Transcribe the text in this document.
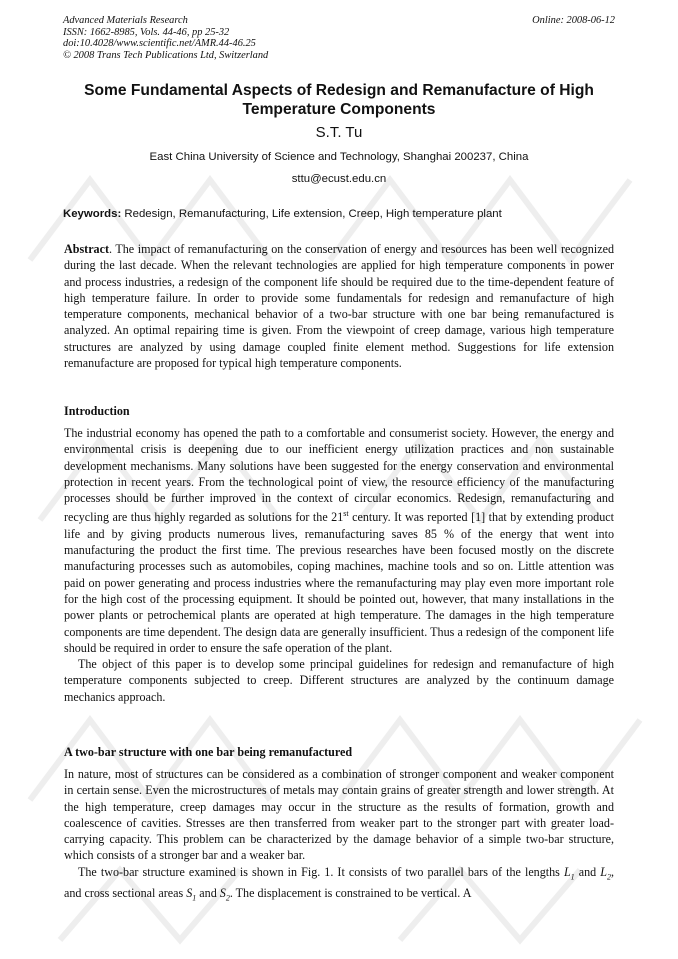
Advanced Materials Research
ISSN: 1662-8985, Vols. 44-46, pp 25-32
doi:10.4028/www.scientific.net/AMR.44-46.25
© 2008 Trans Tech Publications Ltd, Switzerland
Online: 2008-06-12
Some Fundamental Aspects of Redesign and Remanufacture of High Temperature Components
S.T. Tu
East China University of Science and Technology, Shanghai 200237, China
sttu@ecust.edu.cn
Keywords: Redesign, Remanufacturing, Life extension, Creep, High temperature plant

Abstract. The impact of remanufacturing on the conservation of energy and resources has been well recognized during the last decade. When the relevant technologies are applied for high temperature components in power and process industries, a redesign of the component life should be required due to the time-dependent feature of high temperature failure. In order to provide some fundamentals for redesign and remanufacture of high temperature components, mechanical behavior of a two-bar structure with one bar being remanufactured is analyzed. An optimal repairing time is given. From the viewpoint of creep damage, various high temperature structures are analyzed by using damage coupled finite element method. Suggestions for life extension remanufacture are proposed for typical high temperature components.

Introduction

The industrial economy has opened the path to a comfortable and consumerist society. However, the energy and environmental crisis is deepening due to our inefficient energy utilization practices and non sustainable development mechanisms. Many solutions have been suggested for the energy conservation and environmental protection in recent years. From the technological point of view, the resource efficiency of the manufacturing processes should be further improved in the context of circular economics. Redesign, remanufacturing and recycling are thus highly regarded as solutions for the 21st century. It was reported [1] that by extending product life and by giving products numerous lives, remanufacturing saves 85 % of the energy that went into manufacturing the product the first time. The previous researches have been focused mostly on the discrete manufacturing processes such as automobiles, coping machines, machine tools and so on. Little attention was paid on power generating and process industries where the remanufacturing may play even more important role for the high cost of the processing equipment. It should be pointed out, however, that many installations in the power plants or petrochemical plants are operated at high temperature. The damages in the high temperature components are time dependent. The design data are generally insufficient. Thus a redesign of the component life should be required in order to ensure the safe operation of the plant.

The object of this paper is to develop some principal guidelines for redesign and remanufacture of high temperature components subjected to creep. Different structures are analyzed by the continuum damage mechanics approach.

A two-bar structure with one bar being remanufactured

In nature, most of structures can be considered as a combination of stronger component and weaker component in certain sense. Even the microstructures of metals may contain grains of greater strength and lower strength. At the high temperature, creep damages may occur in the structure as the results of formation, growth and coalescence of cavities. Stresses are then transferred from weaker part to the stronger part with greater load-carrying capacity. This problem can be characterized by the damage behavior of a simple two-bar structure, which consists of a stronger bar and a weaker bar.

The two-bar structure examined is shown in Fig. 1. It consists of two parallel bars of the lengths $L_1$ and $L_2$, and cross sectional areas $S_1$ and $S_2$. The displacement is constrained to be vertical. A
